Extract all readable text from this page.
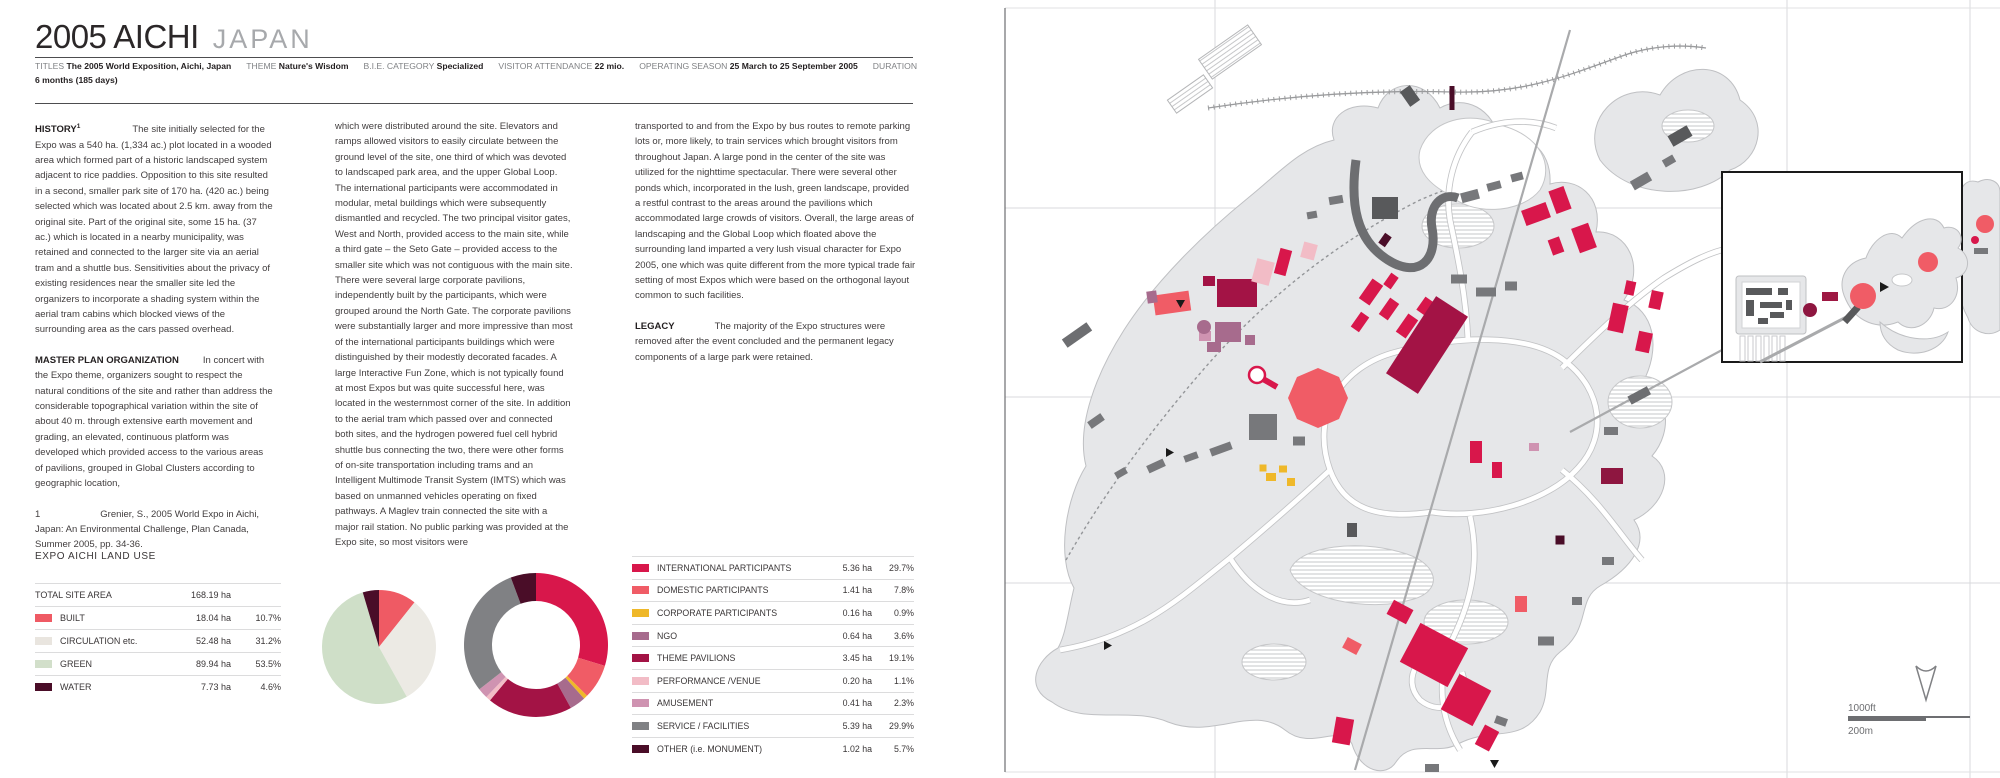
2005 AICHI JAPAN
TITLES The 2005 World Exposition, Aichi, Japan THEME Nature's Wisdom B.I.E. CATEGORY Specialized VISITOR ATTENDANCE 22 mio. OPERATING SEASON 25 March to 25 September 2005 DURATION
6 months (185 days)

HISTORY$^1$	The site initially selected for the Expo was a 540 ha. (1,334 ac.) plot located in a wooded area which formed part of a historic landscaped system adjacent to rice paddies. Opposition to this site resulted in a second, smaller park site of 170 ha. (420 ac.) being selected which was located about 2.5 km. away from the original site. Part of the original site, some 15 ha. (37 ac.) which is located in a nearby municipality, was retained and connected to the larger site via an aerial tram and a shuttle bus. Sensitivities about the privacy of existing residences near the smaller site led the organizers to incorporate a shading system within the aerial tram cabins which blocked views of the surrounding area as the cars passed overhead.

MASTER PLAN ORGANIZATION	In concert with the Expo theme, organizers sought to respect the natural conditions of the site and rather than address the considerable topographical variation within the site of about 40 m. through extensive earth movement and grading, an elevated, continuous platform was developed which provided access to the various areas of pavilions, grouped in Global Clusters according to geographic location,

1	Grenier, S., 2005 World Expo in Aichi, Japan: An Environmental Challenge, Plan Canada, Summer 2005, pp. 34-36.

which were distributed around the site. Elevators and ramps allowed visitors to easily circulate between the ground level of the site, one third of which was devoted to landscaped park area, and the upper Global Loop. The international participants were accommodated in modular, metal buildings which were subsequently dismantled and recycled. The two principal visitor gates, West and North, provided access to the main site, while a third gate – the Seto Gate – provided access to the smaller site which was not contiguous with the main site. There were several large corporate pavilions, independently built by the participants, which were grouped around the North Gate. The corporate pavilions were substantially larger and more impressive than most of the international participants buildings which were distinguished by their modestly decorated facades. A large Interactive Fun Zone, which is not typically found at most Expos but was quite successful here, was located in the westernmost corner of the site. In addition to the aerial tram which passed over and connected both sites, and the hydrogen powered fuel cell hybrid shuttle bus connecting the two, there were other forms of on-site transportation including trams and an Intelligent Multimode Transit System (IMTS) which was based on unmanned vehicles operating on fixed pathways. A Maglev train connected the site with a major rail station. No public parking was provided at the Expo site, so most visitors were

transported to and from the Expo by bus routes to remote parking lots or, more likely, to train services which brought visitors from throughout Japan. A large pond in the center of the site was utilized for the nighttime spectacular. There were several other ponds which, incorporated in the lush, green landscape, provided a restful contrast to the areas around the pavilions which accommodated large crowds of visitors. Overall, the large areas of landscaping and the Global Loop which floated above the surrounding land imparted a very lush visual character for Expo 2005, one which was quite different from the more typical trade fair setting of most Expos which were based on the orthogonal layout common to such facilities.

LEGACY	The majority of the Expo structures were removed after the event concluded and the permanent legacy components of a large park were retained.

EXPO AICHI LAND USE
TOTAL SITE AREA	168.19 ha
BUILT	18.04 ha	10.7%
CIRCULATION etc.	52.48 ha	31.2%
GREEN	89.94 ha	53.5%
WATER	7.73 ha	4.6%
INTERNATIONAL PARTICIPANTS	5.36 ha	29.7%
DOMESTIC PARTICIPANTS	1.41 ha	7.8%
CORPORATE PARTICIPANTS	0.16 ha	0.9%
NGO	0.64 ha	3.6%
THEME PAVILIONS	3.45 ha	19.1%
PERFORMANCE /VENUE	0.20 ha	1.1%
AMUSEMENT	0.41 ha	2.3%
SERVICE / FACILITIES	5.39 ha	29.9%
OTHER (i.e. MONUMENT)	1.02 ha	5.7%
1000ft
200m
